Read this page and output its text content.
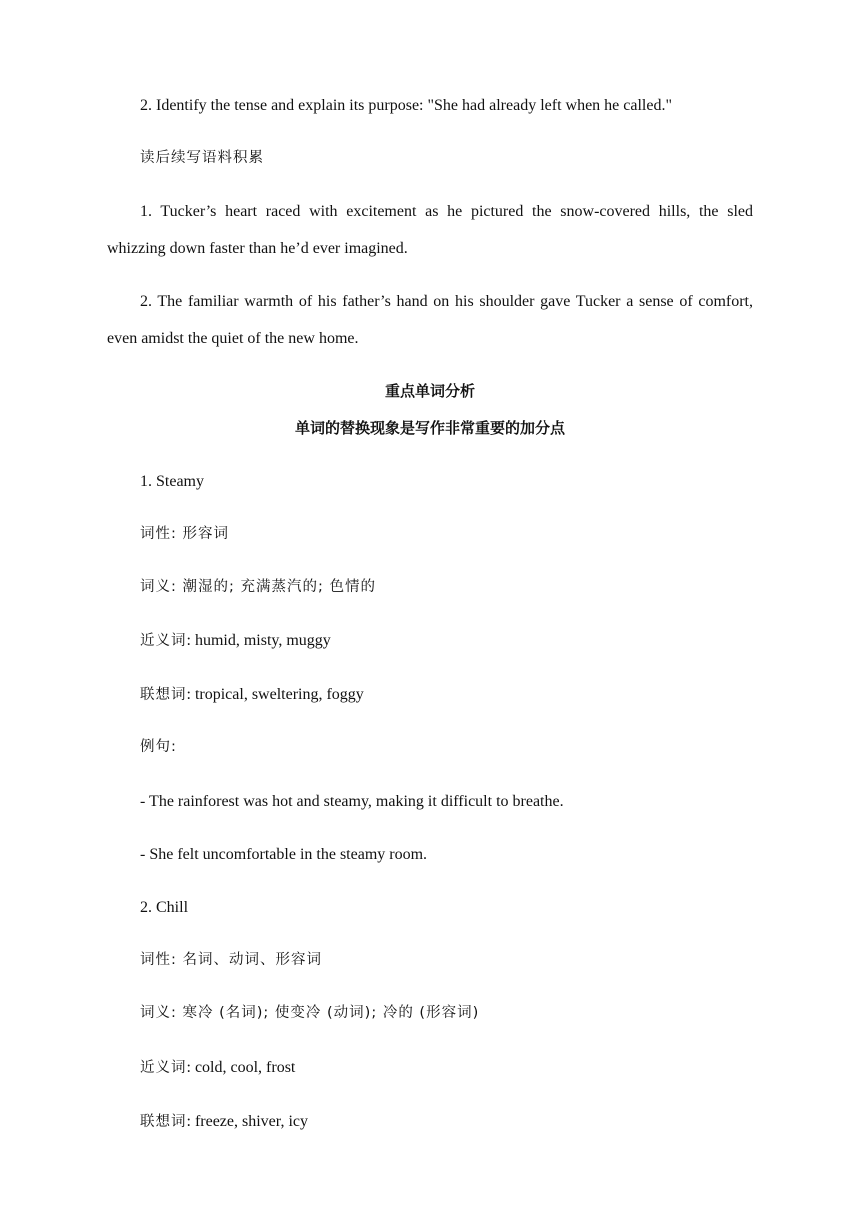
2. Identify the tense and explain its purpose: "She had already left when he called."

读后续写语料积累

1. Tucker’s heart raced with excitement as he pictured the snow-covered hills, the sled whizzing down faster than he’d ever imagined.

2. The familiar warmth of his father’s hand on his shoulder gave Tucker a sense of comfort, even amidst the quiet of the new home.

重点单词分析

单词的替换现象是写作非常重要的加分点

1. Steamy

词性: 形容词

词义: 潮湿的; 充满蒸汽的; 色情的

近义词: humid, misty, muggy

联想词: tropical, sweltering, foggy

例句:

- The rainforest was hot and steamy, making it difficult to breathe.

- She felt uncomfortable in the steamy room.

2. Chill

词性: 名词、动词、形容词

词义: 寒冷 (名词); 使变冷 (动词); 冷的 (形容词)

近义词: cold, cool, frost

联想词: freeze, shiver, icy
